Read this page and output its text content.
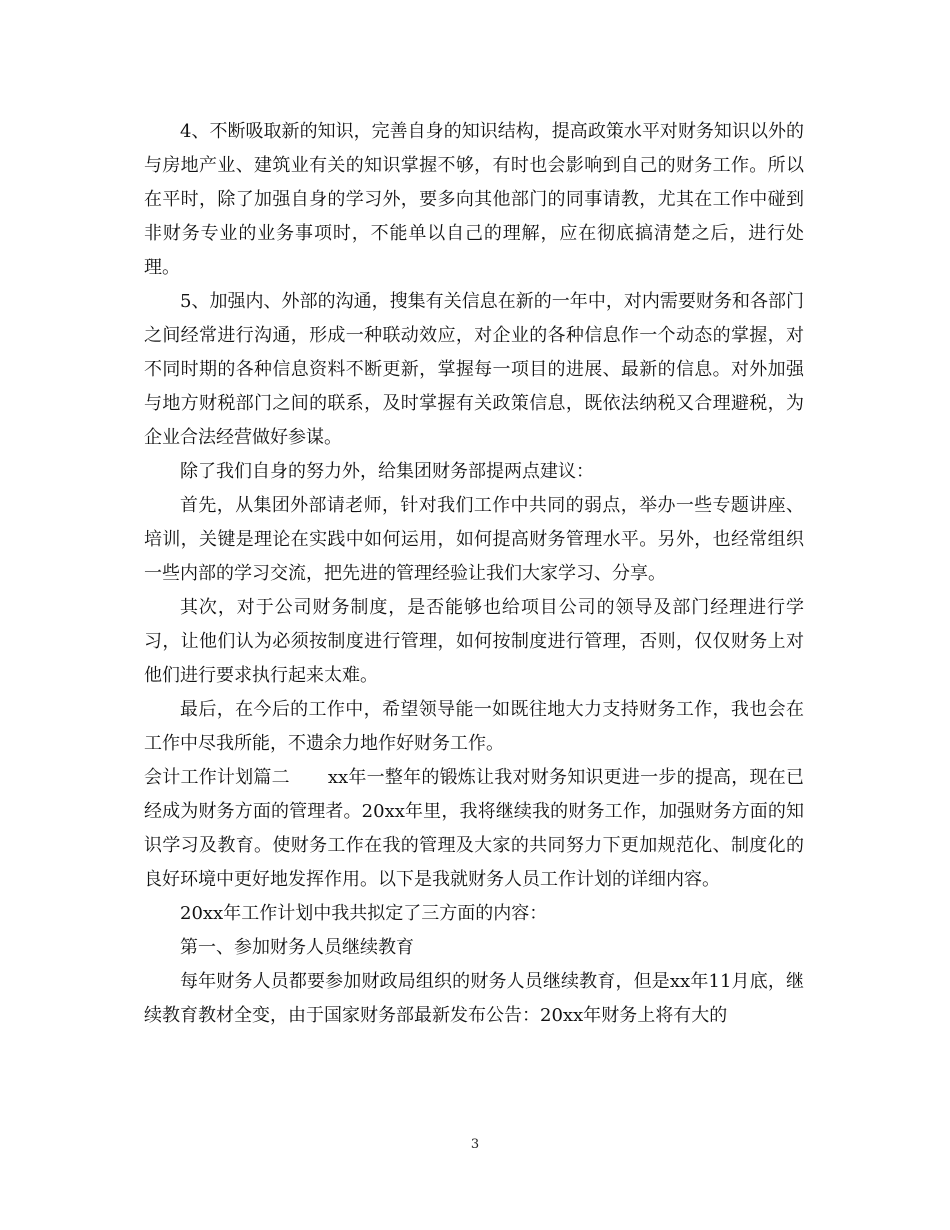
4、不断吸取新的知识，完善自身的知识结构，提高政策水平对财务知识以外的与房地产业、建筑业有关的知识掌握不够，有时也会影响到自己的财务工作。所以在平时，除了加强自身的学习外，要多向其他部门的同事请教，尤其在工作中碰到非财务专业的业务事项时，不能单以自己的理解，应在彻底搞清楚之后，进行处理。

5、加强内、外部的沟通，搜集有关信息在新的一年中，对内需要财务和各部门之间经常进行沟通，形成一种联动效应，对企业的各种信息作一个动态的掌握，对不同时期的各种信息资料不断更新，掌握每一项目的进展、最新的信息。对外加强与地方财税部门之间的联系，及时掌握有关政策信息，既依法纳税又合理避税，为企业合法经营做好参谋。

除了我们自身的努力外，给集团财务部提两点建议：

首先，从集团外部请老师，针对我们工作中共同的弱点，举办一些专题讲座、培训，关键是理论在实践中如何运用，如何提高财务管理水平。另外，也经常组织一些内部的学习交流，把先进的管理经验让我们大家学习、分享。

其次，对于公司财务制度，是否能够也给项目公司的领导及部门经理进行学习，让他们认为必须按制度进行管理，如何按制度进行管理，否则，仅仅财务上对他们进行要求执行起来太难。

最后，在今后的工作中，希望领导能一如既往地大力支持财务工作，我也会在工作中尽我所能，不遗余力地作好财务工作。

会计工作计划篇二 xx年一整年的锻炼让我对财务知识更进一步的提高，现在已经成为财务方面的管理者。20xx年里，我将继续我的财务工作，加强财务方面的知识学习及教育。使财务工作在我的管理及大家的共同努力下更加规范化、制度化的良好环境中更好地发挥作用。以下是我就财务人员工作计划的详细内容。

20xx年工作计划中我共拟定了三方面的内容：

第一、参加财务人员继续教育

每年财务人员都要参加财政局组织的财务人员继续教育，但是xx年11月底，继续教育教材全变，由于国家财务部最新发布公告：20xx年财务上将有大的

3
